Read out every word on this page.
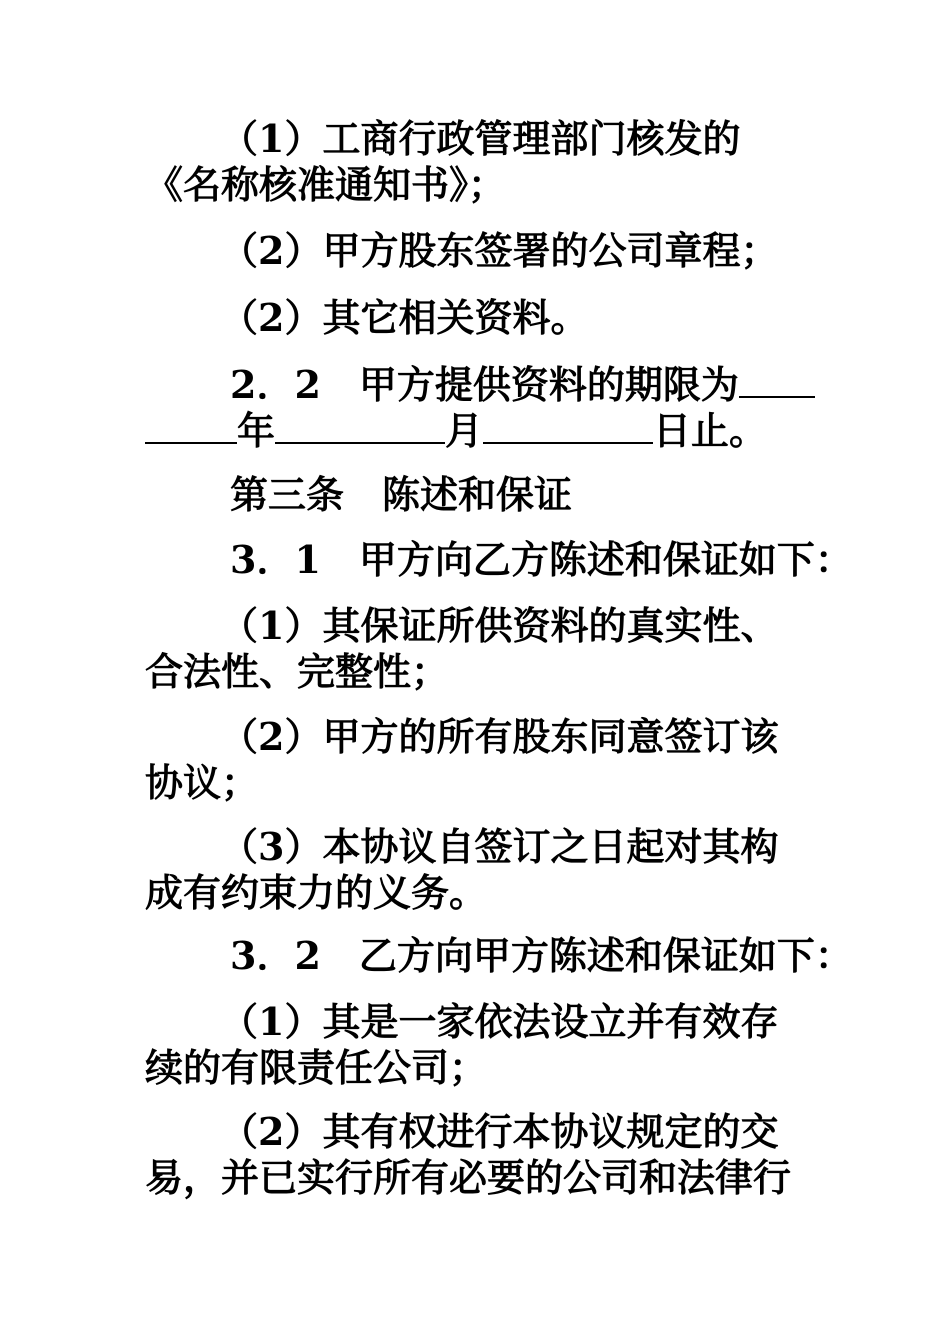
（1）工商行政管理部门核发的
《名称核准通知书》；
（2）甲方股东签署的公司章程；
（2）其它相关资料。
2．2　甲方提供资料的期限为
年	月	日止。
第三条　陈述和保证
3．1　甲方向乙方陈述和保证如下：
（1）其保证所供资料的真实性、
合法性、完整性；
（2）甲方的所有股东同意签订该
协议；
（3）本协议自签订之日起对其构
成有约束力的义务。
3．2　乙方向甲方陈述和保证如下：
（1）其是一家依法设立并有效存
续的有限责任公司；
（2）其有权进行本协议规定的交
易，并已实行所有必要的公司和法律行
